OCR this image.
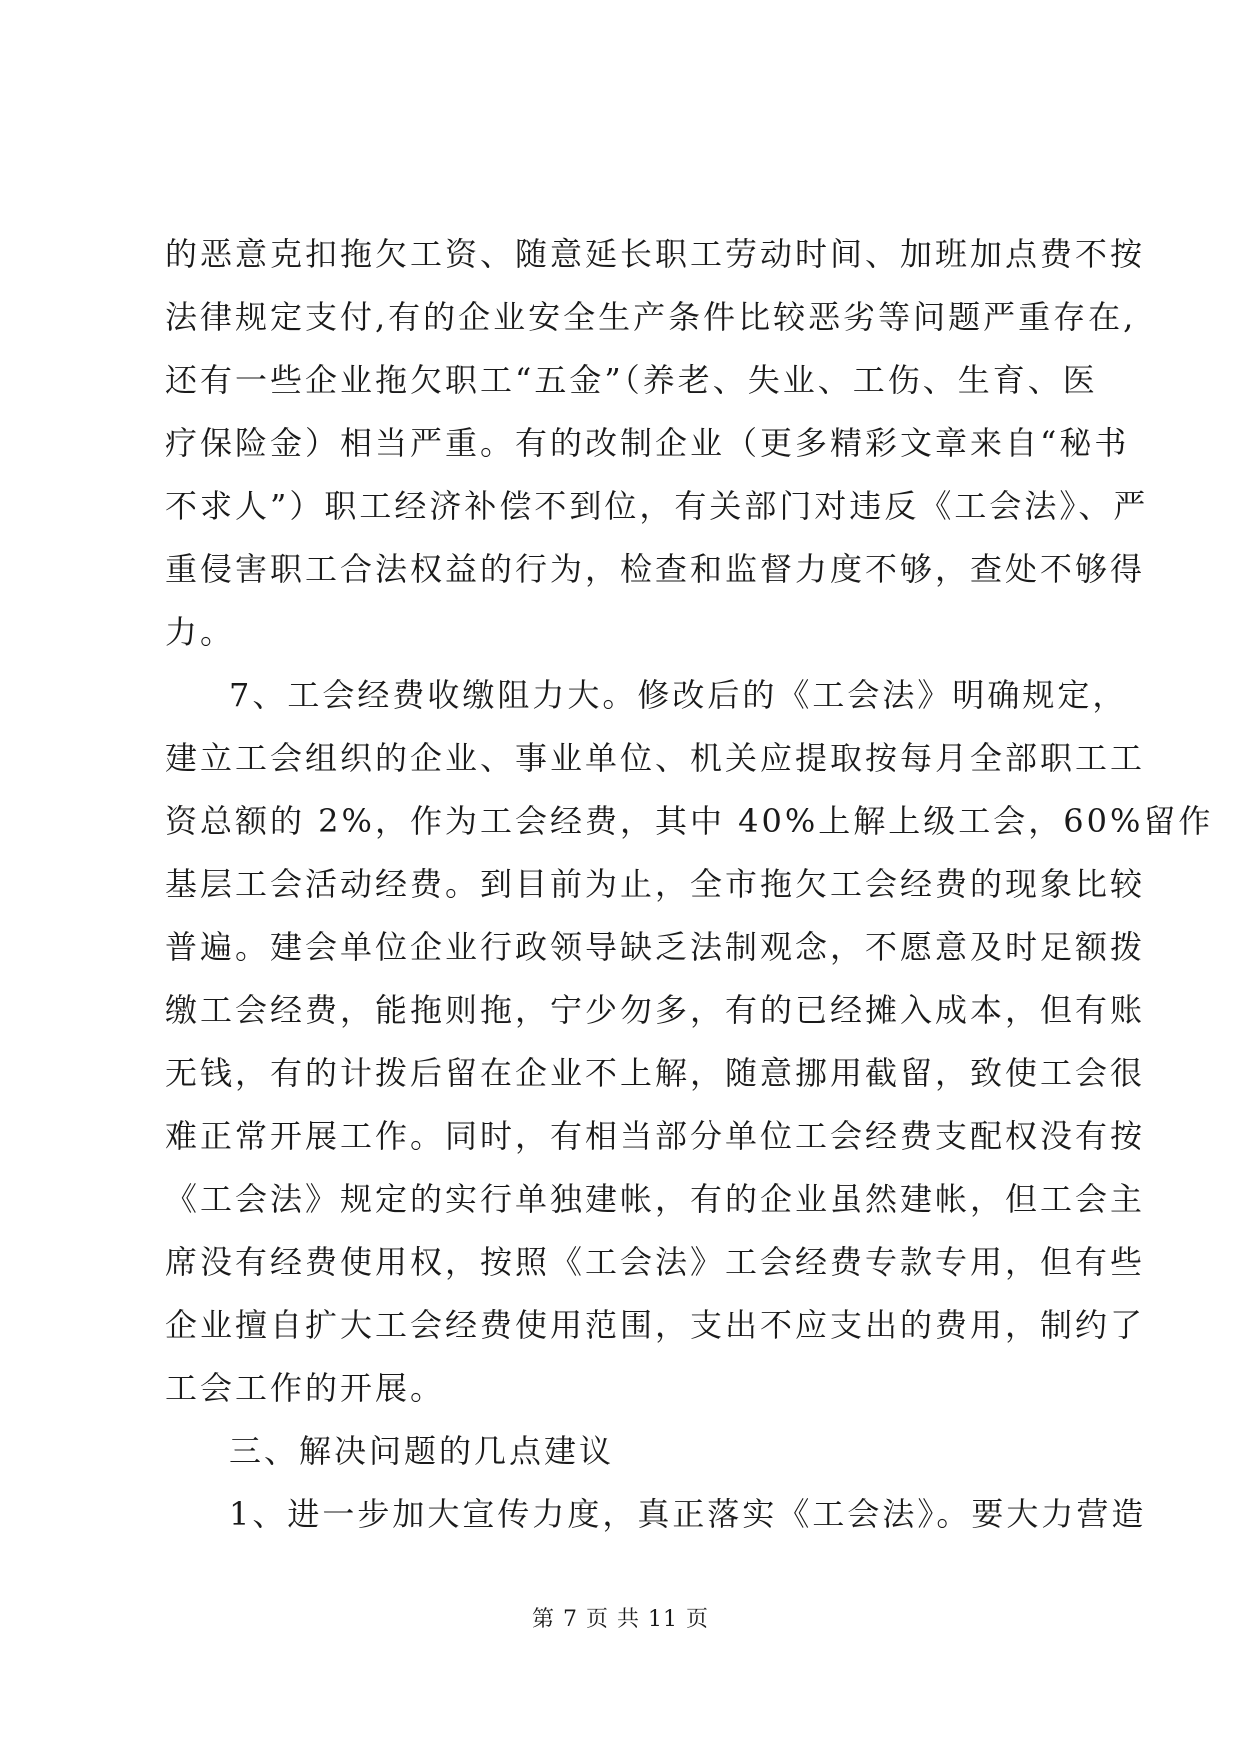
的恶意克扣拖欠工资、随意延长职工劳动时间、加班加点费不按
法律规定支付,有的企业安全生产条件比较恶劣等问题严重存在,
还有一些企业拖欠职工“五金”（养老、失业、工伤、生育、医
疗保险金）相当严重。有的改制企业（更多精彩文章来自“秘书
不求人”）职工经济补偿不到位，有关部门对违反《工会法》、严
重侵害职工合法权益的行为，检查和监督力度不够，查处不够得
力。
7、工会经费收缴阻力大。修改后的《工会法》明确规定，
建立工会组织的企业、事业单位、机关应提取按每月全部职工工
资总额的 2%，作为工会经费，其中 40%上解上级工会，60%留作
基层工会活动经费。到目前为止，全市拖欠工会经费的现象比较
普遍。建会单位企业行政领导缺乏法制观念，不愿意及时足额拨
缴工会经费，能拖则拖，宁少勿多，有的已经摊入成本，但有账
无钱，有的计拨后留在企业不上解，随意挪用截留，致使工会很
难正常开展工作。同时，有相当部分单位工会经费支配权没有按
《工会法》规定的实行单独建帐，有的企业虽然建帐，但工会主
席没有经费使用权，按照《工会法》工会经费专款专用，但有些
企业擅自扩大工会经费使用范围，支出不应支出的费用，制约了
工会工作的开展。
三、解决问题的几点建议
1、进一步加大宣传力度，真正落实《工会法》。要大力营造
第 7 页 共 11 页
